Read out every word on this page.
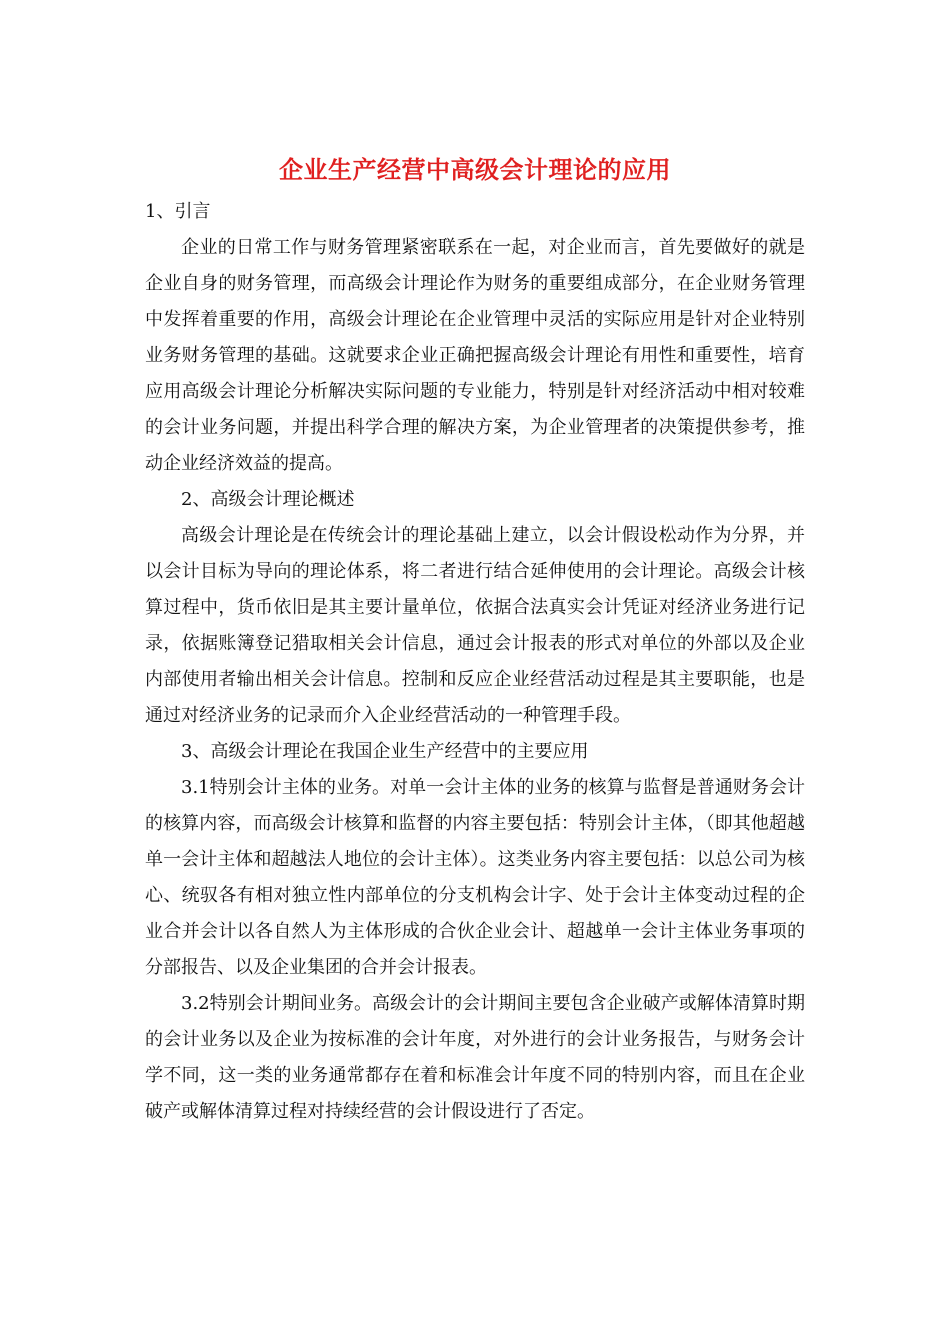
企业生产经营中高级会计理论的应用

1、引言

企业的日常工作与财务管理紧密联系在一起，对企业而言，首先要做好的就是企业自身的财务管理，而高级会计理论作为财务的重要组成部分，在企业财务管理中发挥着重要的作用，高级会计理论在企业管理中灵活的实际应用是针对企业特别业务财务管理的基础。这就要求企业正确把握高级会计理论有用性和重要性，培育应用高级会计理论分析解决实际问题的专业能力，特别是针对经济活动中相对较难的会计业务问题，并提出科学合理的解决方案，为企业管理者的决策提供参考，推动企业经济效益的提高。

2、高级会计理论概述

高级会计理论是在传统会计的理论基础上建立，以会计假设松动作为分界，并以会计目标为导向的理论体系，将二者进行结合延伸使用的会计理论。高级会计核算过程中，货币依旧是其主要计量单位，依据合法真实会计凭证对经济业务进行记录，依据账簿登记猎取相关会计信息，通过会计报表的形式对单位的外部以及企业内部使用者输出相关会计信息。控制和反应企业经营活动过程是其主要职能，也是通过对经济业务的记录而介入企业经营活动的一种管理手段。

3、高级会计理论在我国企业生产经营中的主要应用

3.1特别会计主体的业务。对单一会计主体的业务的核算与监督是普通财务会计的核算内容，而高级会计核算和监督的内容主要包括：特别会计主体，（即其他超越单一会计主体和超越法人地位的会计主体）。这类业务内容主要包括：以总公司为核心、统驭各有相对独立性内部单位的分支机构会计字、处于会计主体变动过程的企业合并会计以各自然人为主体形成的合伙企业会计、超越单一会计主体业务事项的分部报告、以及企业集团的合并会计报表。

3.2特别会计期间业务。高级会计的会计期间主要包含企业破产或解体清算时期的会计业务以及企业为按标准的会计年度，对外进行的会计业务报告，与财务会计学不同，这一类的业务通常都存在着和标准会计年度不同的特别内容，而且在企业破产或解体清算过程对持续经营的会计假设进行了否定。
